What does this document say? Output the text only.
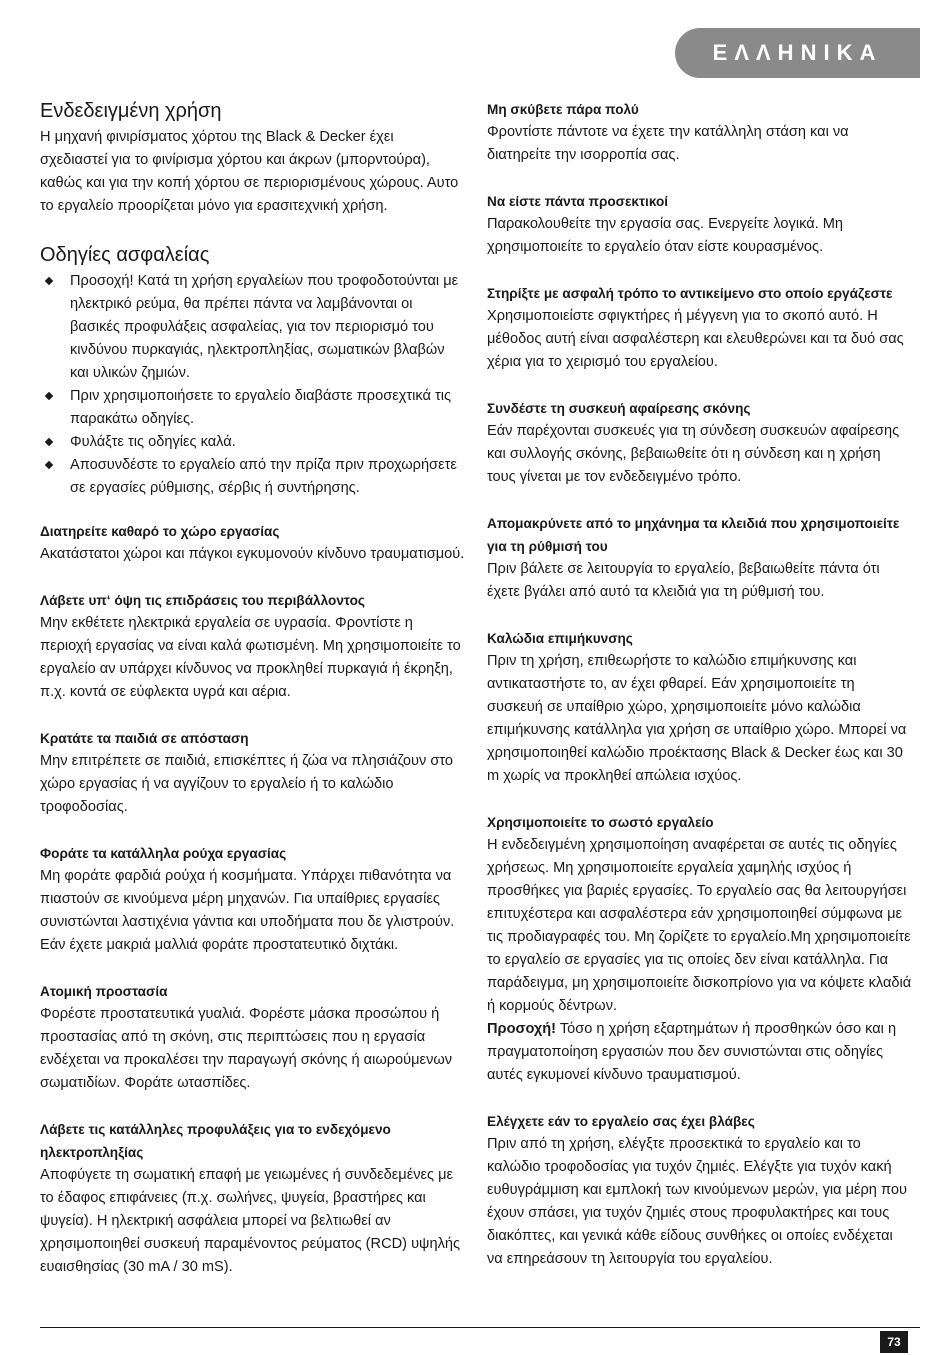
ΕΛΛΗΝΙΚΑ
Ενδεδειγμένη χρήση

Η μηχανή φινιρίσματος χόρτου της Black & Decker έχει σχεδιαστεί για το φινίρισμα χόρτου και άκρων (μπορντούρα), καθώς και για την κοπή χόρτου σε περιορισμένους χώρους. Αυτο το εργαλείο προορίζεται μόνο για ερασιτεχνική χρήση.

Οδηγίες ασφαλείας
Προσοχή! Κατά τη χρήση εργαλείων που τροφοδοτούνται με ηλεκτρικό ρεύμα, θα πρέπει πάντα να λαμβάνονται οι βασικές προφυλάξεις ασφαλείας, για τον περιορισμό του κινδύνου πυρκαγιάς, ηλεκτροπληξίας, σωματικών βλαβών και υλικών ζημιών.
Πριν χρησιμοποιήσετε το εργαλείο διαβάστε προσεχτικά τις παρακάτω οδηγίες.
Φυλάξτε τις οδηγίες καλά.
Αποσυνδέστε το εργαλείο από την πρίζα πριν προχωρήσετε σε εργασίες ρύθμισης, σέρβις ή συντήρησης.
Διατηρείτε καθαρό το χώρο εργασίας

Ακατάστατοι χώροι και πάγκοι εγκυμονούν κίνδυνο τραυματισμού.

Λάβετε υπ‘ όψη τις επιδράσεις του περιβάλλοντος

Μην εκθέτετε ηλεκτρικά εργαλεία σε υγρασία. Φροντίστε η περιοχή εργασίας να είναι καλά φωτισμένη. Μη χρησιμοποιείτε το εργαλείο αν υπάρχει κίνδυνος να προκληθεί πυρκαγιά ή έκρηξη, π.χ. κοντά σε εύφλεκτα υγρά και αέρια.

Κρατάτε τα παιδιά σε απόσταση

Μην επιτρέπετε σε παιδιά, επισκέπτες ή ζώα να πλησιάζουν στο χώρο εργασίας ή να αγγίζουν το εργαλείο ή το καλώδιο τροφοδοσίας.

Φοράτε τα κατάλληλα ρούχα εργασίας

Μη φοράτε φαρδιά ρούχα ή κοσμήματα. Υπάρχει πιθανότητα να πιαστούν σε κινούμενα μέρη μηχανών. Για υπαίθριες εργασίες συνιστώνται λαστιχένια γάντια και υποδήματα που δε γλιστρούν. Εάν έχετε μακριά μαλλιά φοράτε προστατευτικό διχτάκι.

Ατομική προστασία

Φορέστε προστατευτικά γυαλιά. Φορέστε μάσκα προσώπου ή προστασίας από τη σκόνη, στις περιπτώσεις που η εργασία ενδέχεται να προκαλέσει την παραγωγή σκόνης ή αιωρούμενων σωματιδίων. Φοράτε ωτασπίδες.

Λάβετε τις κατάλληλες προφυλάξεις για το ενδεχόμενο ηλεκτροπληξίας

Αποφύγετε τη σωματική επαφή με γειωμένες ή συνδεδεμένες με το έδαφος επιφάνειες (π.χ. σωλήνες, ψυγεία, βραστήρες και ψυγεία). Η ηλεκτρική ασφάλεια μπορεί να βελτιωθεί αν χρησιμοποιηθεί συσκευή παραμένοντος ρεύματος (RCD) υψηλής ευαισθησίας (30 mA / 30 mS).

Μη σκύβετε πάρα πολύ

Φροντίστε πάντοτε να έχετε την κατάλληλη στάση και να διατηρείτε την ισορροπία σας.

Να είστε πάντα προσεκτικοί

Παρακολουθείτε την εργασία σας. Ενεργείτε λογικά. Μη χρησιμοποιείτε το εργαλείο όταν είστε κουρασμένος.

Στηρίξτε με ασφαλή τρόπο το αντικείμενο στο οποίο εργάζεστε

Χρησιμοποιείστε σφιγκτήρες ή μέγγενη για το σκοπό αυτό. Η μέθοδος αυτή είναι ασφαλέστερη και ελευθερώνει και τα δυό σας χέρια για το χειρισμό του εργαλείου.

Συνδέστε τη συσκευή αφαίρεσης σκόνης

Εάν παρέχονται συσκευές για τη σύνδεση συσκευών αφαίρεσης και συλλογής σκόνης, βεβαιωθείτε ότι η σύνδεση και η χρήση τους γίνεται με τον ενδεδειγμένο τρόπο.

Απομακρύνετε από το μηχάνημα τα κλειδιά που χρησιμοποιείτε για τη ρύθμισή του

Πριν βάλετε σε λειτουργία το εργαλείο, βεβαιωθείτε πάντα ότι έχετε βγάλει από αυτό τα κλειδιά για τη ρύθμισή του.

Καλώδια επιμήκυνσης

Πριν τη χρήση, επιθεωρήστε το καλώδιο επιμήκυνσης και αντικαταστήστε το, αν έχει φθαρεί. Εάν χρησιμοποιείτε τη συσκευή σε υπαίθριο χώρο, χρησιμοποιείτε μόνο καλώδια επιμήκυνσης κατάλληλα για χρήση σε υπαίθριο χώρο. Μπορεί να χρησιμοποιηθεί καλώδιο προέκτασης Black & Decker έως και 30 m χωρίς να προκληθεί απώλεια ισχύος.

Χρησιμοποιείτε το σωστό εργαλείο

Η ενδεδειγμένη χρησιμοποίηση αναφέρεται σε αυτές τις οδηγίες χρήσεως. Μη χρησιμοποιείτε εργαλεία χαμηλής ισχύος ή προσθήκες για βαριές εργασίες. Το εργαλείο σας θα λειτουργήσει επιτυχέστερα και ασφαλέστερα εάν χρησιμοποιηθεί σύμφωνα με τις προδιαγραφές του. Μη ζορίζετε το εργαλείο.Μη χρησιμοποιείτε το εργαλείο σε εργασίες για τις οποίες δεν είναι κατάλληλα. Για παράδειγμα, μη χρησιμοποιείτε δισκοπρίονο για να κόψετε κλαδιά ή κορμούς δέντρων.

Προσοχή! Τόσο η χρήση εξαρτημάτων ή προσθηκών όσο και η πραγματοποίηση εργασιών που δεν συνιστώνται στις οδηγίες αυτές εγκυμονεί κίνδυνο τραυματισμού.

Ελέγχετε εάν το εργαλείο σας έχει βλάβες

Πριν από τη χρήση, ελέγξτε προσεκτικά το εργαλείο και το καλώδιο τροφοδοσίας για τυχόν ζημιές. Ελέγξτε για τυχόν κακή ευθυγράμμιση και εμπλοκή των κινούμενων μερών, για μέρη που έχουν σπάσει, για τυχόν ζημιές στους προφυλακτήρες και τους διακόπτες, και γενικά κάθε είδους συνθήκες οι οποίες ενδέχεται να επηρεάσουν τη λειτουργία του εργαλείου.

73
